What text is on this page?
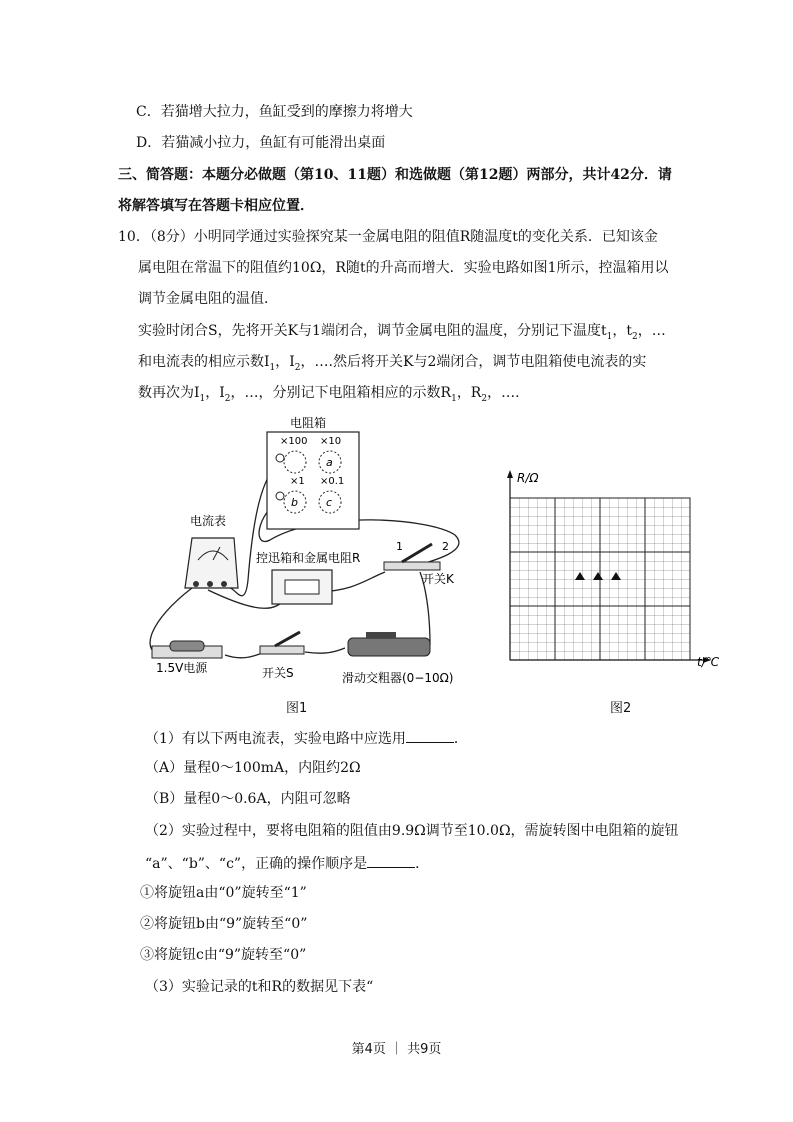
C．若猫增大拉力，鱼缸受到的摩擦力将增大
D．若猫减小拉力，鱼缸有可能滑出桌面
三、简答题：本题分必做题（第10、11题）和选做题（第12题）两部分，共计42分．请
将解答填写在答题卡相应位置．
10．（8分）小明同学通过实验探究某一金属电阻的阻值R随温度t的变化关系．已知该金
属电阻在常温下的阻值约10Ω，R随t的升高而增大．实验电路如图1所示，控温箱用以
调节金属电阻的温值．
实验时闭合S，先将开关K与1端闭合，调节金属电阻的温度，分别记下温度$t_1$，$t_2$，…
和电流表的相应示数$I_1$，$I_2$，….然后将开关K与2端闭合，调节电阻箱使电流表的实
数再次为$I_1$，$I_2$，…，分别记下电阻箱相应的示数$R_1$，$R_2$，….
电阻箱
×100 ×10
a
×1 ×0.1
b	c
电流表
控迅箱和金属电阻R
1	2
开关K
1.5V电源	开关S	滑动交粗器(0−10Ω)
图1
R/Ω
t/℃
图2
（1）有以下两电流表，实验电路中应选用	．
（A）量程0～100mA，内阻约2Ω
（B）量程0～0.6A，内阻可忽略
（2）实验过程中，要将电阻箱的阻值由9.9Ω调节至10.0Ω，需旋转图中电阻箱的旋钮
“a”、“b”、“c”，正确的操作顺序是	．
①将旋钮a由“0”旋转至“1”
②将旋钮b由“9”旋转至“0”
③将旋钮c由“9”旋转至“0”
（3）实验记录的t和R的数据见下表“
第4页 ｜ 共9页
